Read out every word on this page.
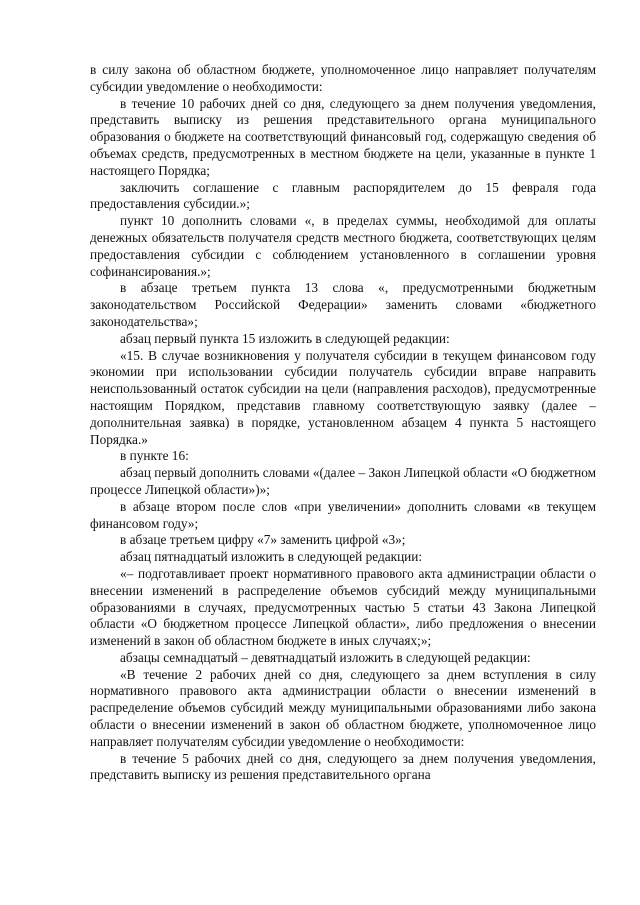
в силу закона об областном бюджете, уполномоченное лицо направляет получателям субсидии уведомление о необходимости:

в течение 10 рабочих дней со дня, следующего за днем получения уведомления, представить выписку из решения представительного органа муниципального образования о бюджете на соответствующий финансовый год, содержащую сведения об объемах средств, предусмотренных в местном бюджете на цели, указанные в пункте 1 настоящего Порядка;

заключить соглашение с главным распорядителем до 15 февраля года предоставления субсидии.»;

пункт 10 дополнить словами «, в пределах суммы, необходимой для оплаты денежных обязательств получателя средств местного бюджета, соответствующих целям предоставления субсидии с соблюдением установленного в соглашении уровня софинансирования.»;

в абзаце третьем пункта 13 слова «, предусмотренными бюджетным законодательством Российской Федерации» заменить словами «бюджетного законодательства»;

абзац первый пункта 15 изложить в следующей редакции:

«15. В случае возникновения у получателя субсидии в текущем финансовом году экономии при использовании субсидии получатель субсидии вправе направить неиспользованный остаток субсидии на цели (направления расходов), предусмотренные настоящим Порядком, представив главному соответствующую заявку (далее – дополнительная заявка) в порядке, установленном абзацем 4 пункта 5 настоящего Порядка.»

в пункте 16:

абзац первый дополнить словами «(далее – Закон Липецкой области «О бюджетном процессе Липецкой области»)»;

в абзаце втором после слов «при увеличении» дополнить словами «в текущем финансовом году»;

в абзаце третьем цифру «7» заменить цифрой «3»;

абзац пятнадцатый изложить в следующей редакции:

«– подготавливает проект нормативного правового акта администрации области о внесении изменений в распределение объемов субсидий между муниципальными образованиями в случаях, предусмотренных частью 5 статьи 43 Закона Липецкой области «О бюджетном процессе Липецкой области», либо предложения о внесении изменений в закон об областном бюджете в иных случаях;»;

абзацы семнадцатый – девятнадцатый изложить в следующей редакции:

«В течение 2 рабочих дней со дня, следующего за днем вступления в силу нормативного правового акта администрации области о внесении изменений в распределение объемов субсидий между муниципальными образованиями либо закона области о внесении изменений в закон об областном бюджете, уполномоченное лицо направляет получателям субсидии уведомление о необходимости:

в течение 5 рабочих дней со дня, следующего за днем получения уведомления, представить выписку из решения представительного органа
